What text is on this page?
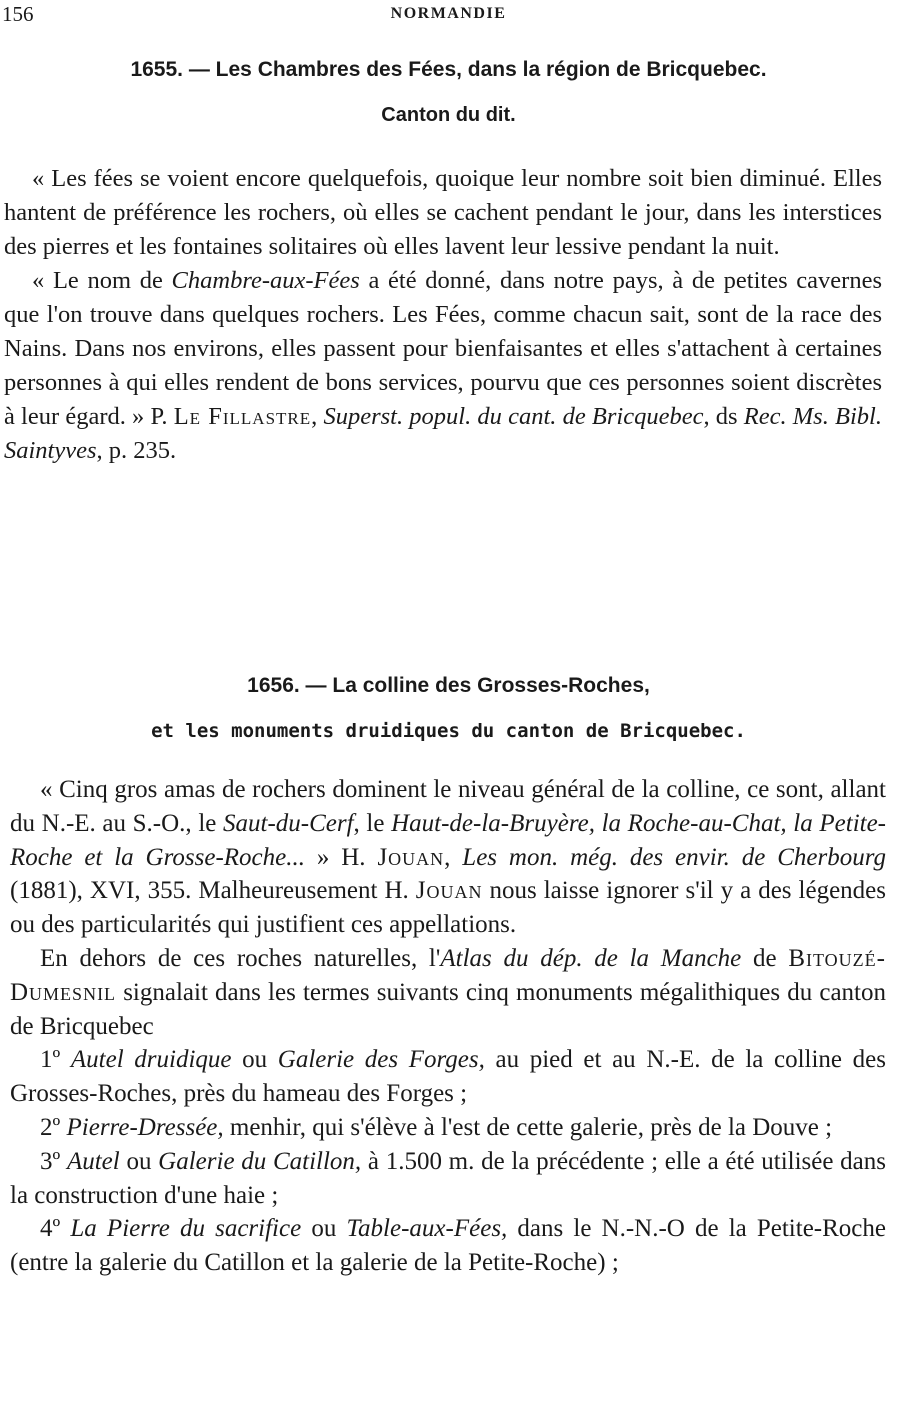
156	NORMANDIE
1655. — Les Chambres des Fées, dans la région de Bricquebec.
Canton du dit.

« Les fées se voient encore quelquefois, quoique leur nombre soit bien diminué. Elles hantent de préférence les rochers, où elles se cachent pendant le jour, dans les interstices des pierres et les fontaines solitaires où elles lavent leur lessive pendant la nuit.

« Le nom de Chambre-aux-Fées a été donné, dans notre pays, à de petites cavernes que l'on trouve dans quelques rochers. Les Fées, comme chacun sait, sont de la race des Nains. Dans nos environs, elles passent pour bienfaisantes et elles s'attachent à certaines personnes à qui elles rendent de bons services, pourvu que ces personnes soient discrètes à leur égard. » P. Le Fillastre, Superst. popul. du cant. de Bricquebec, ds Rec. Ms. Bibl. Saintyves, p. 235.

1656. — La colline des Grosses-Roches,
et les monuments druidiques du canton de Bricquebec.

« Cinq gros amas de rochers dominent le niveau général de la colline, ce sont, allant du N.-E. au S.-O., le Saut-du-Cerf, le Haut-de-la-Bruyère, la Roche-au-Chat, la Petite-Roche et la Grosse-Roche... » H. Jouan, Les mon. még. des envir. de Cherbourg (1881), XVI, 355. Malheureusement H. Jouan nous laisse ignorer s'il y a des légendes ou des particularités qui justifient ces appellations.

En dehors de ces roches naturelles, l'Atlas du dép. de la Manche de Bitouzé-Dumesnil signalait dans les termes suivants cinq monuments mégalithiques du canton de Bricquebec

1º Autel druidique ou Galerie des Forges, au pied et au N.-E. de la colline des Grosses-Roches, près du hameau des Forges ;

2º Pierre-Dressée, menhir, qui s'élève à l'est de cette galerie, près de la Douve ;

3º Autel ou Galerie du Catillon, à 1.500 m. de la précédente ; elle a été utilisée dans la construction d'une haie ;

4º La Pierre du sacrifice ou Table-aux-Fées, dans le N.-N.-O de la Petite-Roche (entre la galerie du Catillon et la galerie de la Petite-Roche) ;
